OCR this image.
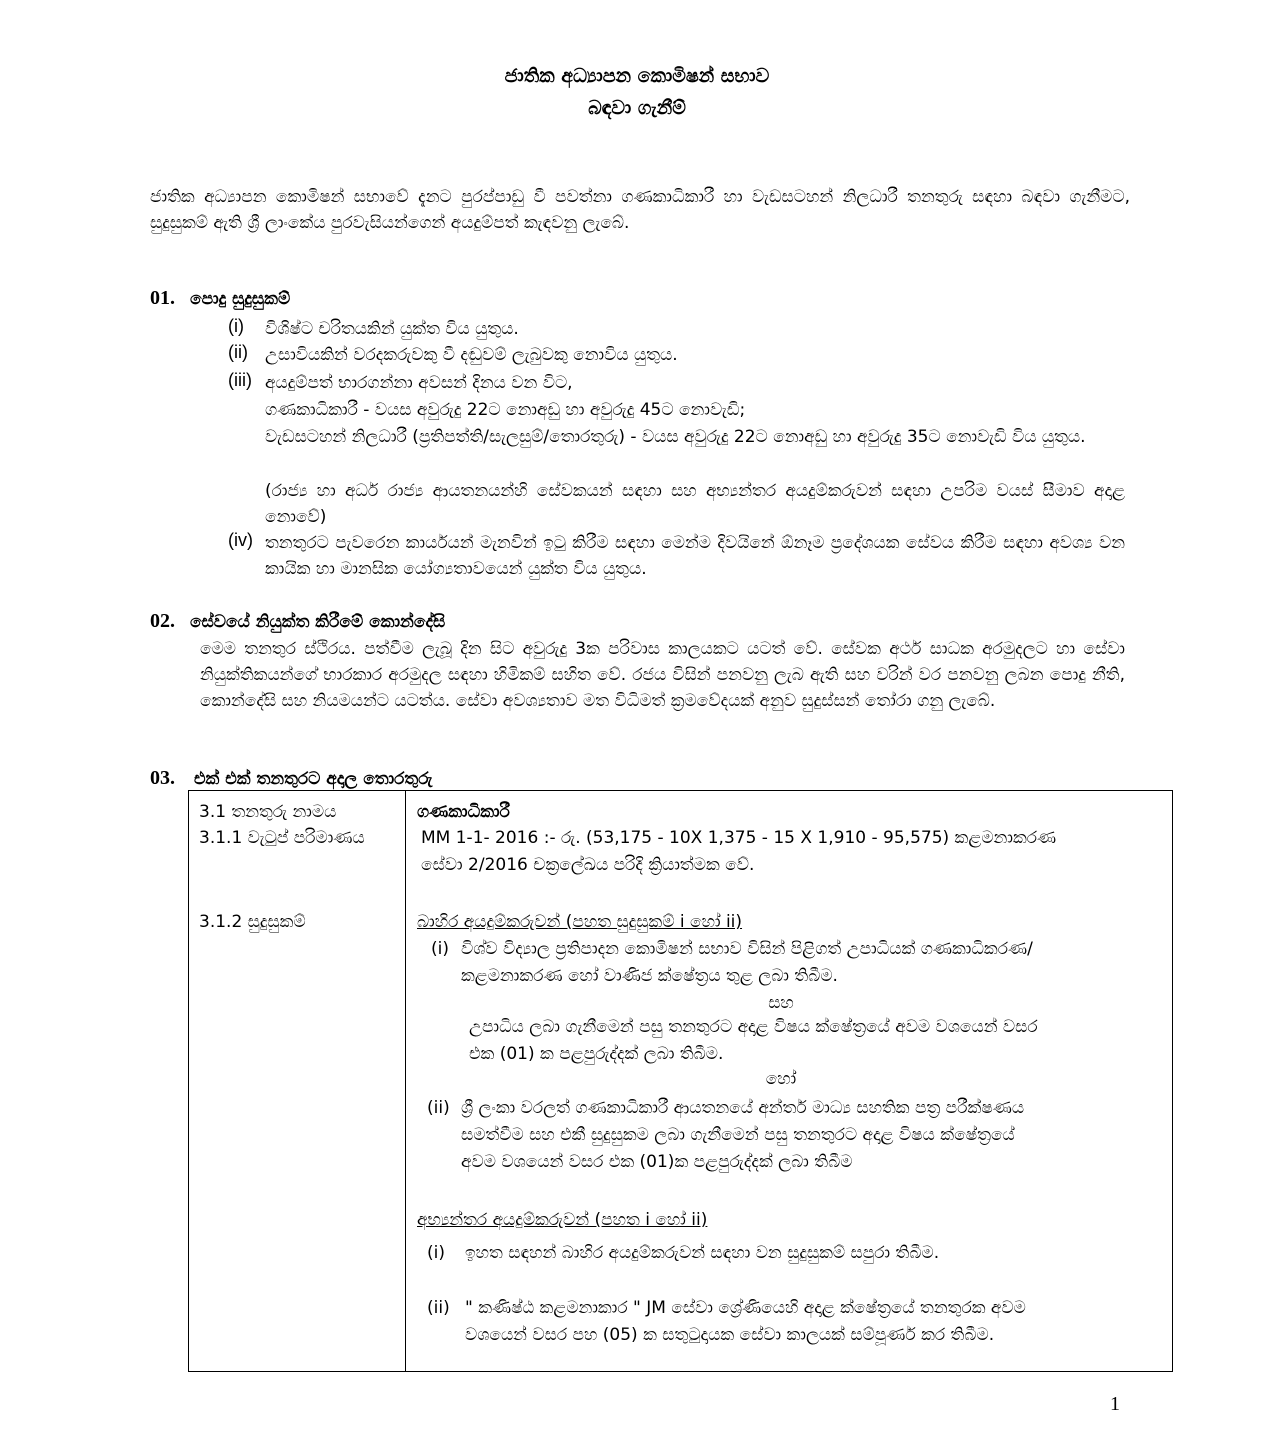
ජාතික අධ්‍යාපන කොමිෂන් සභාව
බඳවා ගැනීම්
ජාතික අධ්‍යාපන කොමිෂන් සභාවේ දැනට පුරප්පාඩු වී පවත්නා ගණකාධිකාරී හා වැඩසටහන් නිලධාරී තනතුරු සඳහා බඳවා ගැනීමට, සුදුසුකම් ඇති ශ්‍රී ලාංකේය පුරවැසියන්ගෙන් අයදුම්පත් කැඳවනු ලැබේ.
01. පොදු සුදුසුකම්
(i) විශිෂ්ට චරිතයකින් යුක්ත විය යුතුය.
(ii) උසාවියකින් වරදකරුවකු වී දඬුවම් ලැබුවකු නොවිය යුතුය.
(iii) අයදුම්පත් භාරගන්නා අවසන් දිනය වන විට,
ගණකාධිකාරී - වයස අවුරුදු 22ට නොඅඩු හා අවුරුදු 45ට නොවැඩි;
වැඩසටහන් නිලධාරී (ප්‍රතිපත්ති/සැලසුම්/තොරතුරු) - වයස අවුරුදු 22ට නොඅඩු හා අවුරුදු 35ට නොවැඩි විය යුතුය.
(රාජ්‍ය හා අර්ධ රාජ්‍ය ආයතනයන්හි සේවකයන් සඳහා සහ අභ්‍යන්තර අයදුම්කරුවන් සඳහා උපරිම වයස් සීමාව අදාළ නොවේ)
(iv) තනතුරට පැවරෙන කාර්යයන් මැනවින් ඉටු කිරීම සඳහා මෙන්ම දිවයිනේ ඕනෑම ප්‍රදේශයක සේවය කිරීම සඳහා අවශ්‍ය වන කායික හා මානසික යෝග්‍යතාවයෙන් යුක්ත විය යුතුය.
02. සේවයේ නියුක්ත කිරීමේ කොන්දේසි
මෙම තනතුර ස්ථිරය. පත්වීම ලැබූ දින සිට අවුරුදු 3ක පරිවාස කාලයකට යටත් වේ. සේවක අර්ථ සාධක අරමුදලට හා සේවා නියුක්තිකයන්ගේ භාරකාර අරමුදල සඳහා හිමිකම් සහිත වේ. රජය විසින් පනවනු ලැබ ඇති සහ වරින් වර පනවනු ලබන පොදු නීති, කොන්දේසි සහ නියමයන්ට යටත්ය. සේවා අවශ්‍යතාව මත විධිමත් ක්‍රමවේදයක් අනුව සුදුස්සන් තෝරා ගනු ලැබේ.
03. එක් එක් තනතුරට අදාල තොරතුරු
3.1 තනතුරු නාමය	ගණකාධිකාරී
3.1.1 වැටුප් පරිමාණය	MM 1-1- 2016 :- රු. (53,175 - 10X 1,375 - 15 X 1,910 - 95,575) කළමනාකරණ
සේවා 2/2016 චක්‍රලේඛය පරිදි ක්‍රියාත්මක වේ.
3.1.2 සුදුසුකම්	බාහිර අයදුම්කරුවන් (පහත සුදුසුකම් i හෝ ii)
(i) විශ්ව විද්‍යාල ප්‍රතිපාදන කොමිෂන් සභාව විසින් පිළිගත් උපාධියක් ගණකාධිකරණ/
කළමනාකරණ හෝ වාණිජ ක්ෂේත්‍රය තුළ ලබා තිබීම.
සහ
උපාධිය ලබා ගැනීමෙන් පසු තනතුරට අදාළ විෂය ක්ෂේත්‍රයේ අවම වශයෙන් වසර
එක (01) ක පළපුරුද්දක් ලබා තිබීම.
හෝ
(ii) ශ්‍රී ලංකා වරලත් ගණකාධිකාරී ආයතනයේ අන්තර් මාධ්‍ය සහතික පත්‍ර පරීක්ෂණය
සමත්වීම සහ එකී සුදුසුකම ලබා ගැනීමෙන් පසු තනතුරට අදාළ විෂය ක්ෂේත්‍රයේ
අවම වශයෙන් වසර එක (01)ක පළපුරුද්දක් ලබා තිබීම
අභ්‍යන්තර අයදුම්කරුවන් (පහත i හෝ ii)
(i) ඉහත සඳහන් බාහිර අයදුම්කරුවන් සඳහා වන සුදුසුකම් සපුරා තිබීම.
(ii) " කණිෂ්ඨ කළමනාකාර " JM සේවා ශ්‍රේණියෙහි අදාළ ක්ෂේත්‍රයේ තනතුරක අවම
වශයෙන් වසර පහ (05) ක සතුටුදායක සේවා කාලයක් සම්පූර්ණ කර තිබීම.
1
